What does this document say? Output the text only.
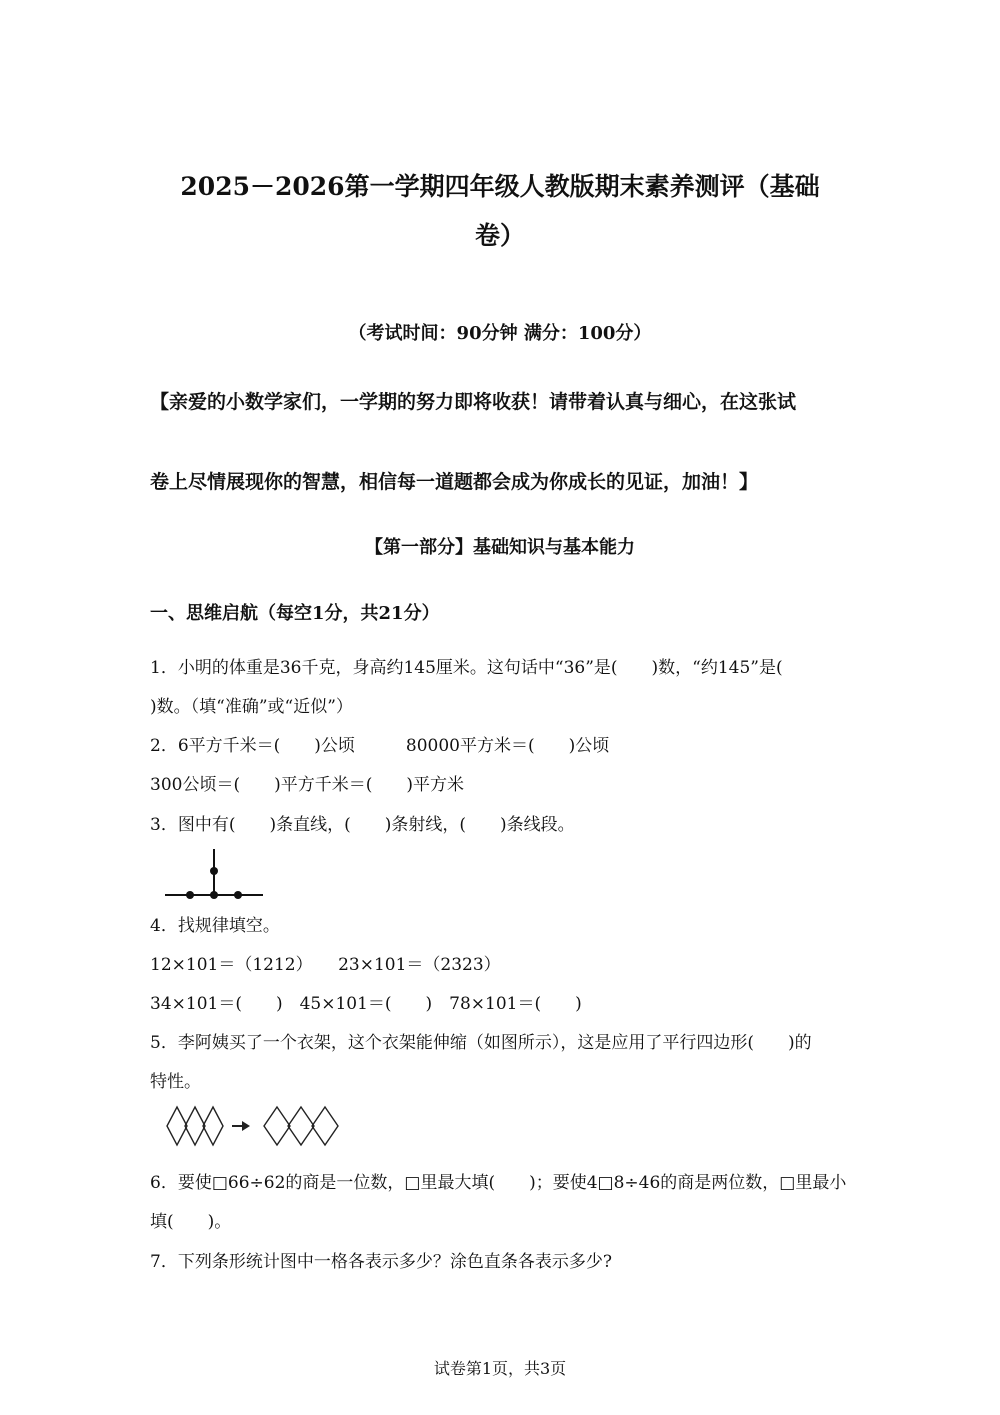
2025－2026第一学期四年级人教版期末素养测评（基础
卷）
（考试时间：90分钟 满分：100分）
【亲爱的小数学家们，一学期的努力即将收获！请带着认真与细心，在这张试
卷上尽情展现你的智慧，相信每一道题都会成为你成长的见证，加油！】
【第一部分】基础知识与基本能力
一、思维启航（每空1分，共21分）
1．小明的体重是36千克，身高约145厘米。这句话中“36”是(　　)数，“约145”是(
)数。（填“准确”或“近似”）
2．6平方千米＝(　　)公顷　　　80000平方米＝(　　)公顷
300公顷＝(　　)平方千米＝(　　)平方米
3．图中有(　　)条直线，(　　)条射线，(　　)条线段。
4．找规律填空。
12×101＝（1212）　　23×101＝（2323）
34×101＝(　　)　45×101＝(　　)　78×101＝(　　)
5．李阿姨买了一个衣架，这个衣架能伸缩（如图所示），这是应用了平行四边形(　　)的
特性。
6．要使□66÷62的商是一位数，□里最大填(　　)；要使4□8÷46的商是两位数，□里最小
填(　　)。
7．下列条形统计图中一格各表示多少？涂色直条各表示多少?
试卷第1页，共3页
